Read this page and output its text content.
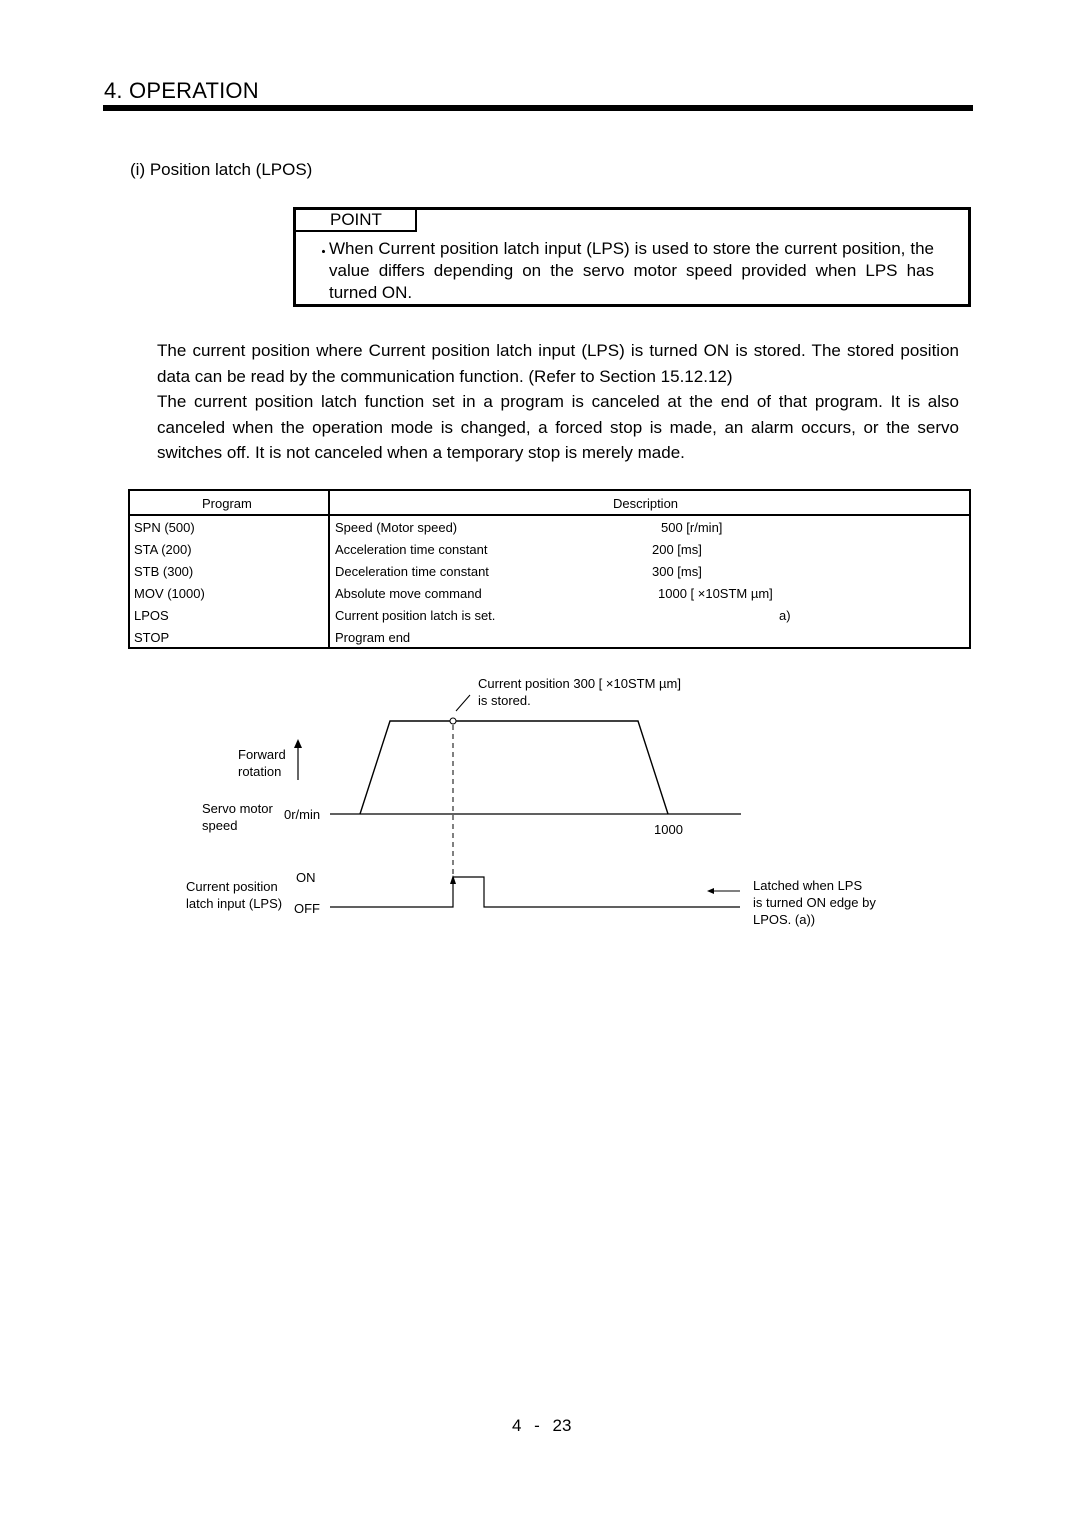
4. OPERATION
(i) Position latch (LPOS)
POINT
・
When Current position latch input (LPS) is used to store the current position, the value differs depending on the servo motor speed provided when LPS has turned ON.
The current position where Current position latch input (LPS) is turned ON is stored. The stored position data can be read by the communication function. (Refer to Section 15.12.12)
The current position latch function set in a program is canceled at the end of that program. It is also canceled when the operation mode is changed, a forced stop is made, an alarm occurs, or the servo switches off. It is not canceled when a temporary stop is merely made.
Program	Description
SPN (500)	Speed (Motor speed)	500 [r/min]
STA (200)	Acceleration time constant	200 [ms]
STB (300)	Deceleration time constant	300 [ms]
MOV (1000)	Absolute move command	1000 [ ×10STM µm]
LPOS	Current position latch is set.	a)
STOP	Program end
Current position 300 [ ×10STM µm]
is stored.
Forward
rotation
Servo motor
speed
0r/min
1000
Current position
latch input (LPS)
ON
OFF
Latched when LPS
is turned ON edge by
LPOS. (a))
4 - 23
